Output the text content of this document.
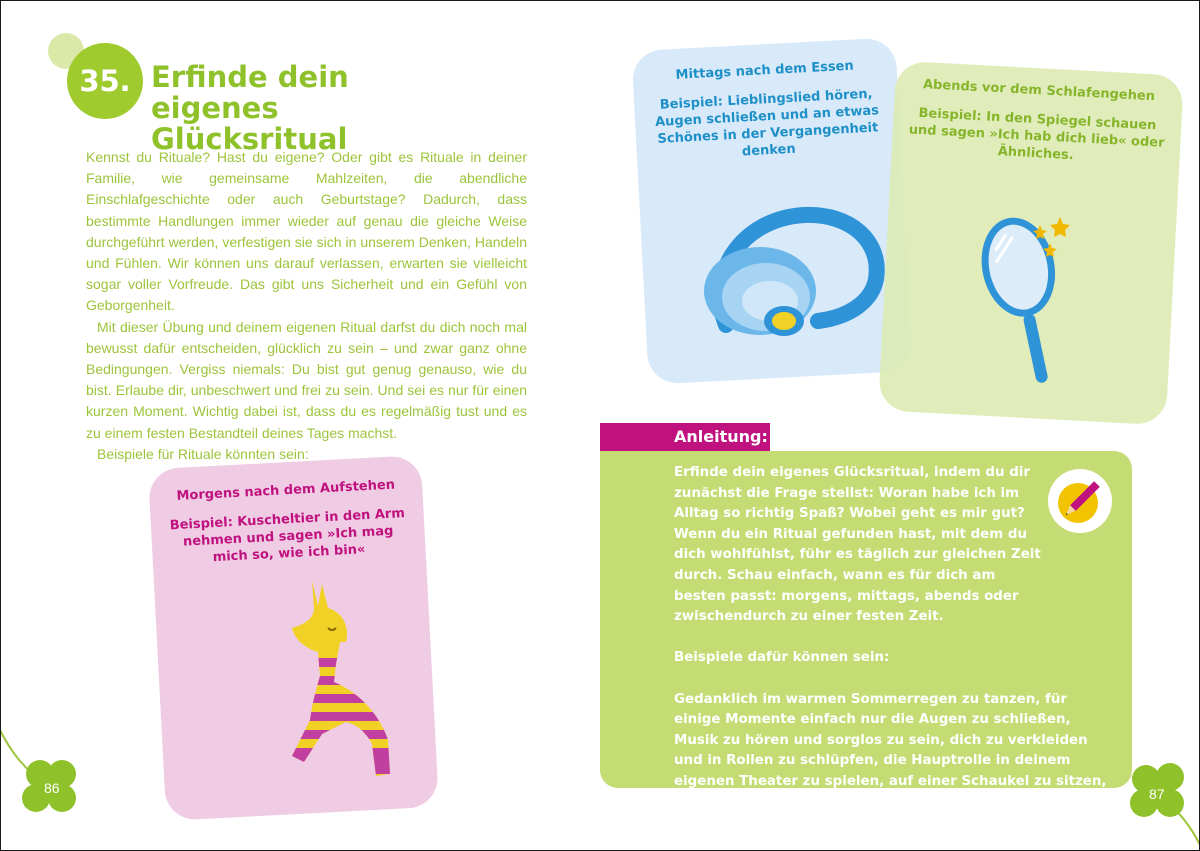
35. Erfinde dein eigenes Glücksritual

Kennst du Rituale? Hast du eigene? Oder gibt es Rituale in deiner Familie, wie gemeinsame Mahlzeiten, die abendliche Einschlafgeschichte oder auch Geburtstage? Dadurch, dass bestimmte Handlungen immer wieder auf genau die gleiche Weise durchgeführt werden, verfestigen sie sich in unserem Denken, Handeln und Fühlen. Wir können uns darauf verlassen, erwarten sie vielleicht sogar voller Vorfreude. Das gibt uns Sicherheit und ein Gefühl von Geborgenheit.

Mit dieser Übung und deinem eigenen Ritual darfst du dich noch mal bewusst dafür entscheiden, glücklich zu sein – und zwar ganz ohne Bedingungen. Vergiss niemals: Du bist gut genug genauso, wie du bist. Erlaube dir, unbeschwert und frei zu sein. Und sei es nur für einen kurzen Moment. Wichtig dabei ist, dass du es regelmäßig tust und es zu einem festen Bestandteil deines Tages machst.

Beispiele für Rituale könnten sein:

Morgens nach dem Aufstehen
Beispiel: Kuscheltier in den Arm nehmen und sagen »Ich mag mich so, wie ich bin«
86
Mittags nach dem Essen
Beispiel: Lieblingslied hören, Augen schließen und an etwas Schönes in der Vergangenheit denken
Abends vor dem Schlafengehen
Beispiel: In den Spiegel schauen und sagen »Ich hab dich lieb« oder Ähnliches.
Anleitung:

Erfinde dein eigenes Glücksritual, indem du dir zunächst die Frage stellst: Woran habe ich im Alltag so richtig Spaß? Wobei geht es mir gut? Wenn du ein Ritual gefunden hast, mit dem du dich wohlfühlst, führ es täglich zur gleichen Zeit durch. Schau einfach, wann es für dich am besten passt: morgens, mittags, abends oder zwischendurch zu einer festen Zeit.

Beispiele dafür können sein:

Gedanklich im warmen Sommerregen zu tanzen, für einige Momente einfach nur die Augen zu schließen, Musik zu hören und sorglos zu sein, dich zu verkleiden und in Rollen zu schlüpfen, die Hauptrolle in deinem eigenen Theater zu spielen, auf einer Schaukel zu sitzen, mit Freunden zu lachen, für dich allein zu sein mit schönen Erinnerungen?

87
